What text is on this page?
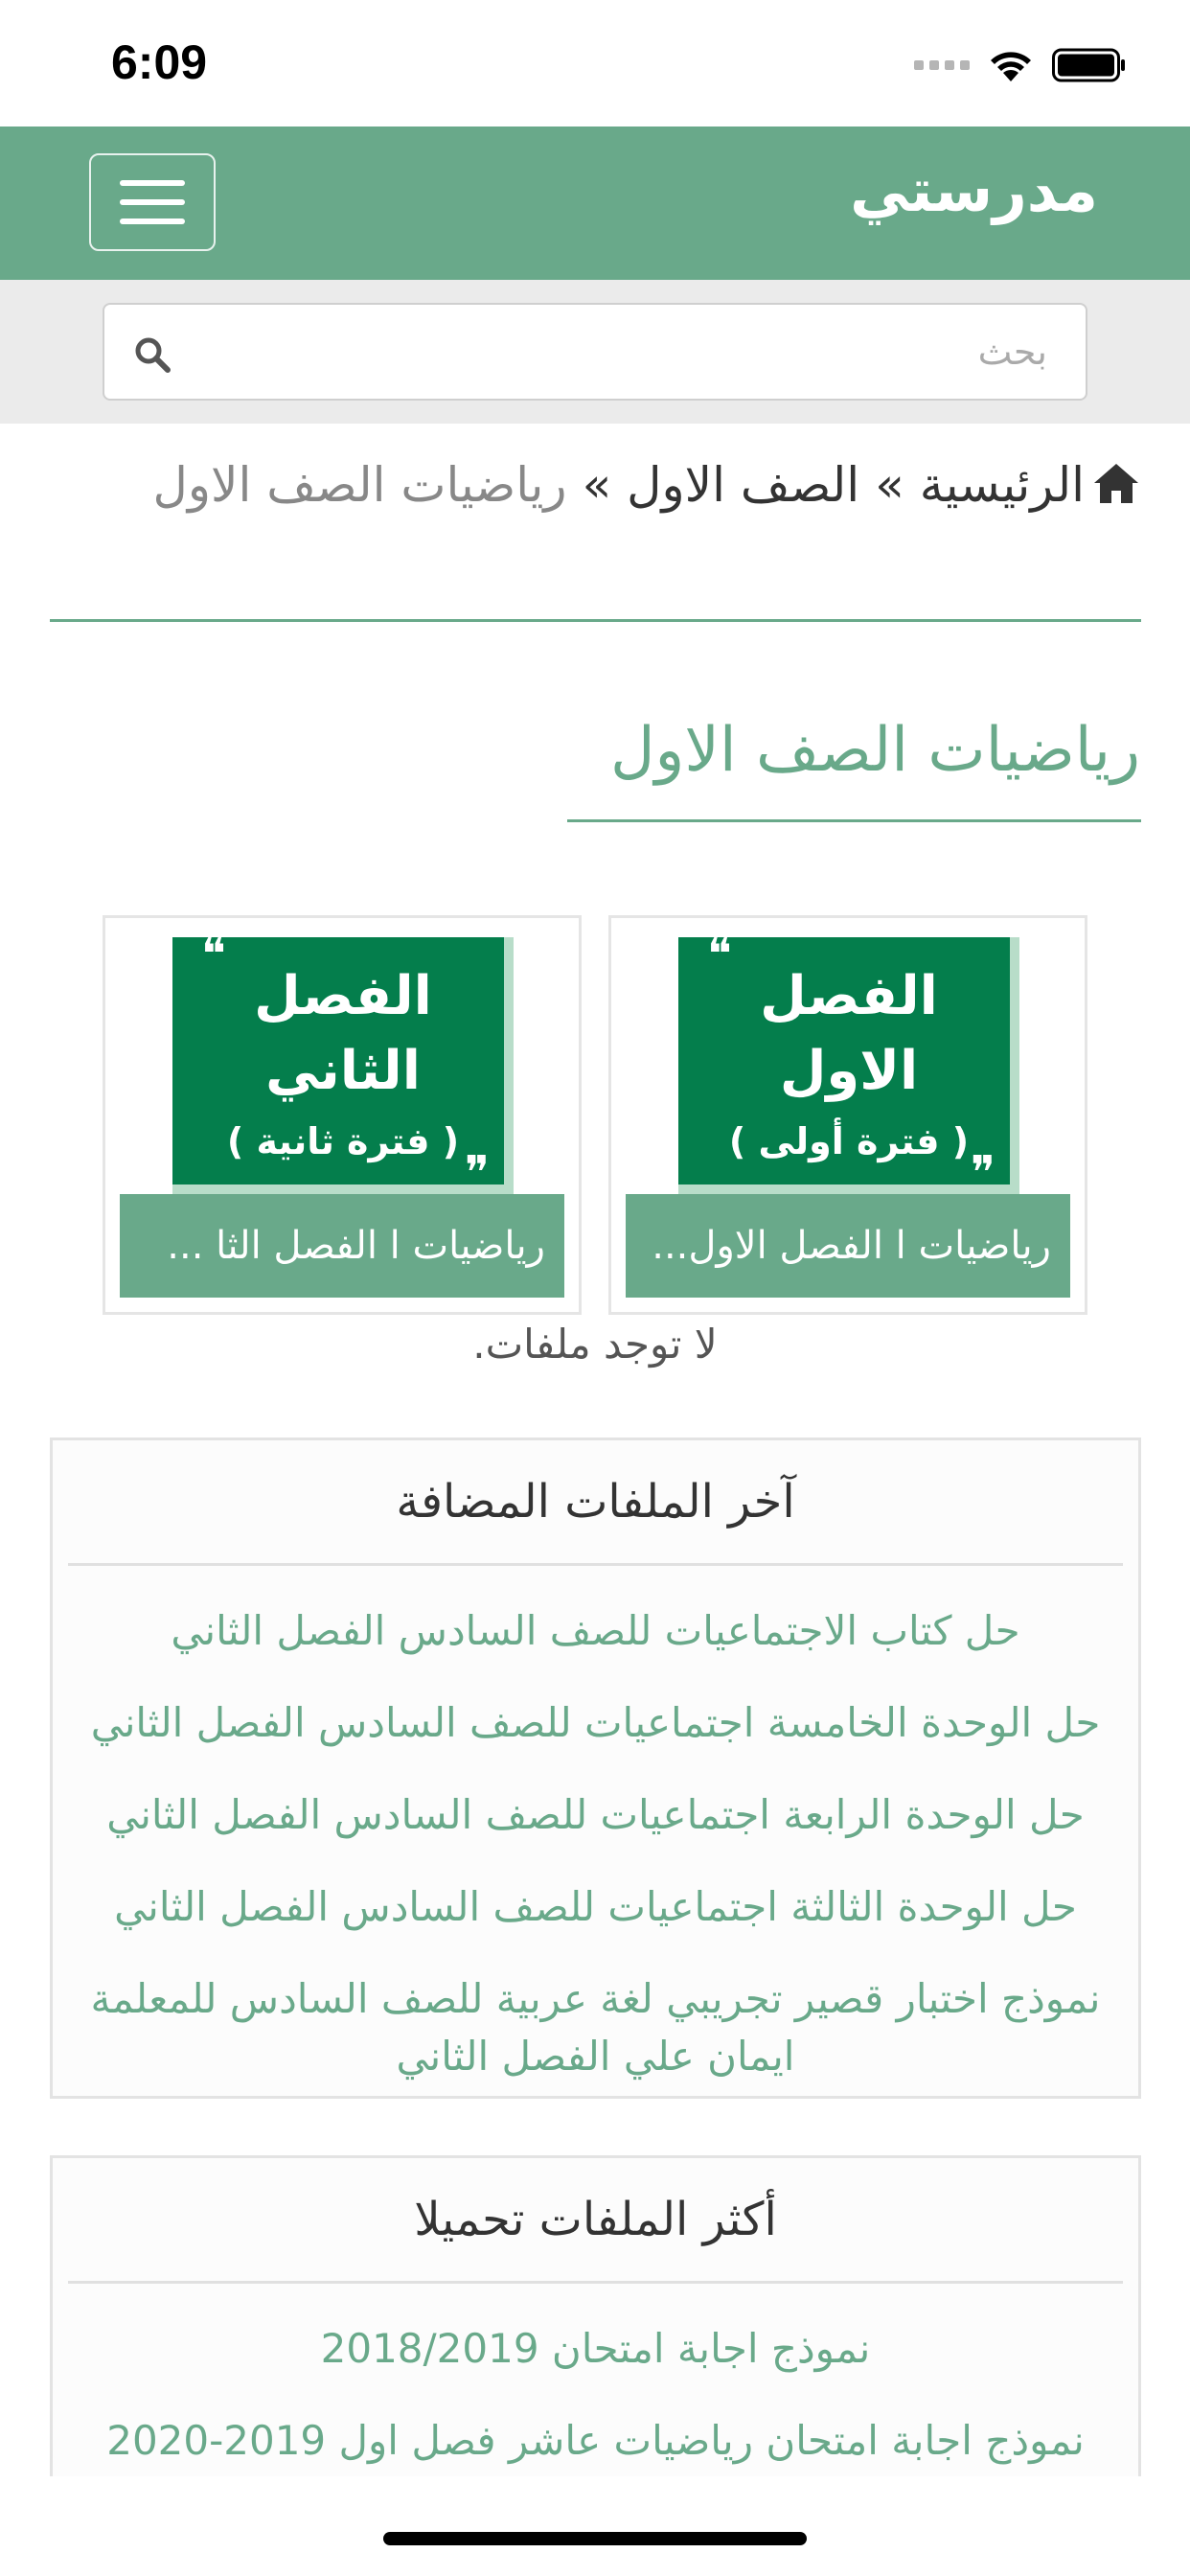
6:09
مدرستي
بحث
الرئيسية»الصف الاول»رياضيات الصف الاول
رياضيات الصف الاول
❝
❞
الفصل
الاول
( فترة أولى )
رياضيات ا الفصل الاول...
❝
❞
الفصل
الثاني
( فترة ثانية )
رياضيات ا الفصل الثا ...
لا توجد ملفات.
آخر الملفات المضافة
حل كتاب الاجتماعيات للصف السادس الفصل الثاني
حل الوحدة الخامسة اجتماعيات للصف السادس الفصل الثاني
حل الوحدة الرابعة اجتماعيات للصف السادس الفصل الثاني
حل الوحدة الثالثة اجتماعيات للصف السادس الفصل الثاني
نموذج اختبار قصير تجريبي لغة عربية للصف السادس للمعلمة ايمان علي الفصل الثاني
أكثر الملفات تحميلا
نموذج اجابة امتحان 2018/2019
نموذج اجابة امتحان رياضيات عاشر فصل اول 2019-2020
